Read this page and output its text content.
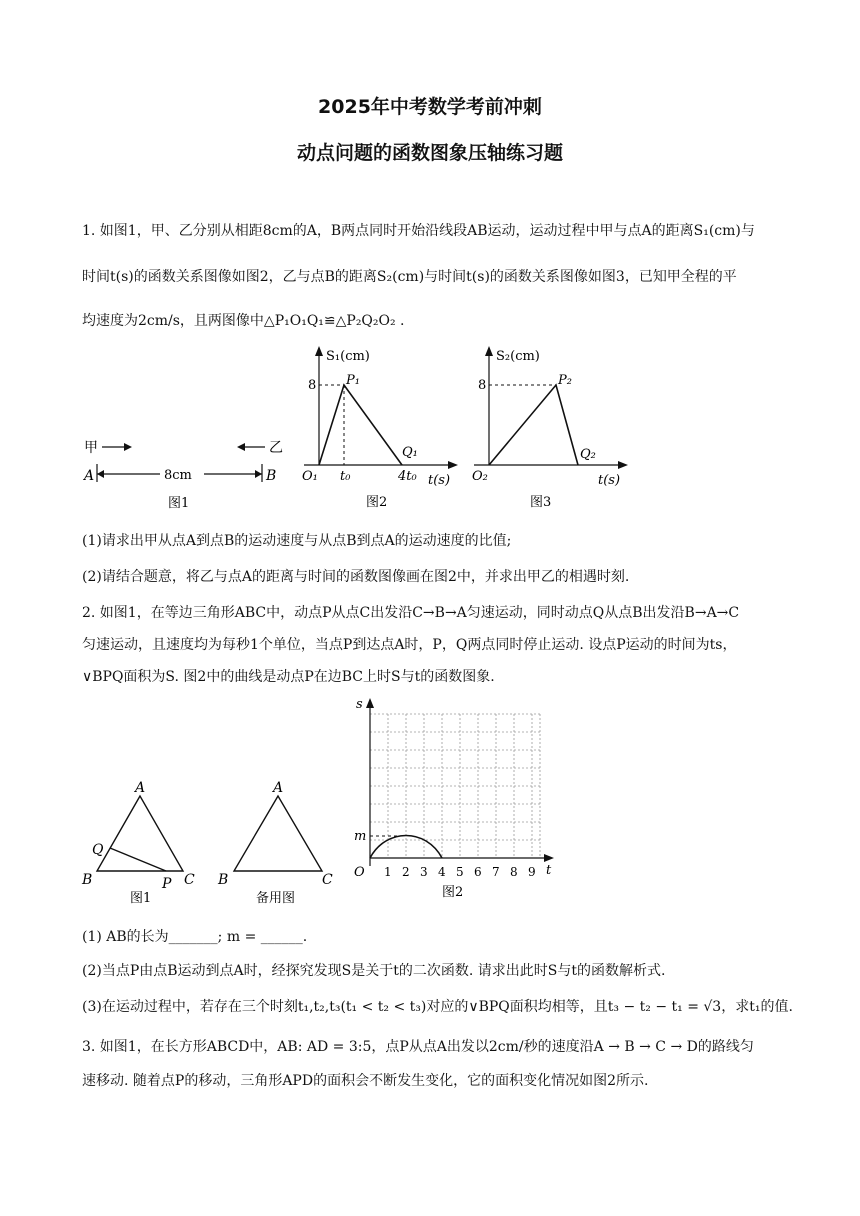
2025年中考数学考前冲刺
动点问题的函数图象压轴练习题
1. 如图1，甲、乙分别从相距8cm的A，B两点同时开始沿线段AB运动，运动过程中甲与点A的距离S₁(cm)与
时间t(s)的函数关系图像如图2，乙与点B的距离S₂(cm)与时间t(s)的函数关系图像如图3，已知甲全程的平
均速度为2cm/s，且两图像中△P₁O₁Q₁≌△P₂Q₂O₂ .
甲	乙
A	8cm	B
图1
S₁(cm)
8 P₁
O₁ t₀	4t₀
Q₁
t(s)
图2
S₂(cm)
8	P₂
O₂
Q₂
t(s)
图3
(1)请求出甲从点A到点B的运动速度与从点B到点A的运动速度的比值;
(2)请结合题意，将乙与点A的距离与时间的函数图像画在图2中，并求出甲乙的相遇时刻.
2. 如图1，在等边三角形ABC中，动点P从点C出发沿C→B→A匀速运动，同时动点Q从点B出发沿B→A→C
匀速运动，且速度均为每秒1个单位，当点P到达点A时，P，Q两点同时停止运动. 设点P运动的时间为ts，
∨BPQ面积为S. 图2中的曲线是动点P在边BC上时S与t的函数图象.
A
B	C
Q
P
图1
A
B	C
备用图
s
m
O 1 2 3 4 5 6 7 8 9 t
图2
(1) AB的长为_______; m = ______.
(2)当点P由点B运动到点A时，经探究发现S是关于t的二次函数. 请求出此时S与t的函数解析式.
(3)在运动过程中，若存在三个时刻t₁,t₂,t₃(t₁ < t₂ < t₃)对应的∨BPQ面积均相等，且t₃ − t₂ − t₁ = √3，求t₁的值.
3. 如图1，在长方形ABCD中，AB: AD = 3:5，点P从点A出发以2cm/秒的速度沿A → B → C → D的路线匀
速移动. 随着点P的移动，三角形APD的面积会不断发生变化，它的面积变化情况如图2所示.
